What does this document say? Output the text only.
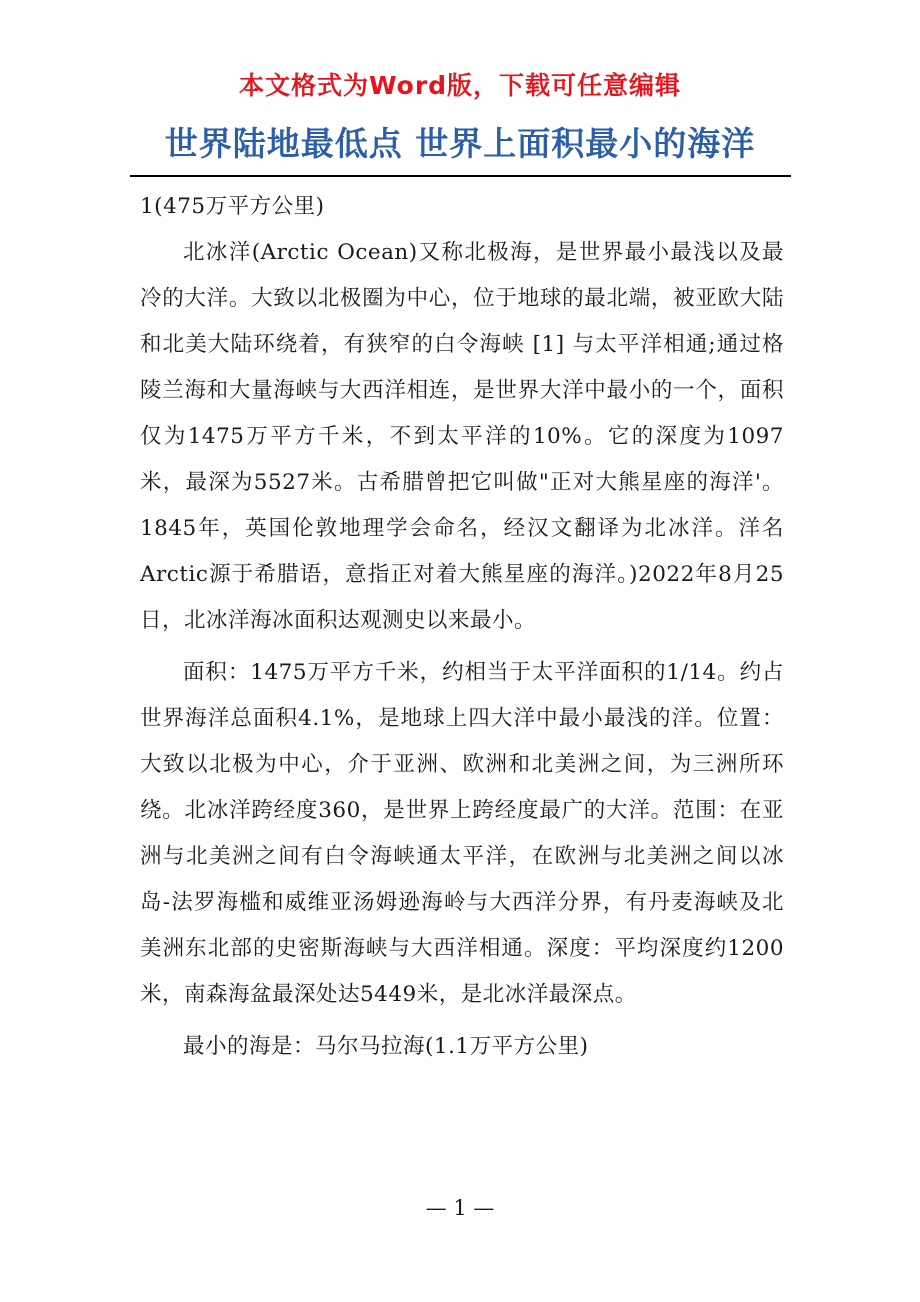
本文格式为Word版，下载可任意编辑
世界陆地最低点 世界上面积最小的海洋

1(475万平方公里)

北冰洋(Arctic Ocean)又称北极海，是世界最小最浅以及最冷的大洋。大致以北极圈为中心，位于地球的最北端，被亚欧大陆和北美大陆环绕着，有狭窄的白令海峡 [1] 与太平洋相通;通过格陵兰海和大量海峡与大西洋相连，是世界大洋中最小的一个，面积仅为1475万平方千米，不到太平洋的10%。它的深度为1097米，最深为5527米。古希腊曾把它叫做"正对大熊星座的海洋'。1845年，英国伦敦地理学会命名，经汉文翻译为北冰洋。洋名Arctic源于希腊语，意指正对着大熊星座的海洋。)2022年8月25日，北冰洋海冰面积达观测史以来最小。

面积：1475万平方千米，约相当于太平洋面积的1/14。约占世界海洋总面积4.1%，是地球上四大洋中最小最浅的洋。位置：大致以北极为中心，介于亚洲、欧洲和北美洲之间，为三洲所环绕。北冰洋跨经度360，是世界上跨经度最广的大洋。范围：在亚洲与北美洲之间有白令海峡通太平洋，在欧洲与北美洲之间以冰岛-法罗海槛和威维亚汤姆逊海岭与大西洋分界，有丹麦海峡及北美洲东北部的史密斯海峡与大西洋相通。深度：平均深度约1200米，南森海盆最深处达5449米，是北冰洋最深点。

最小的海是：马尔马拉海(1.1万平方公里)

— 1 —
